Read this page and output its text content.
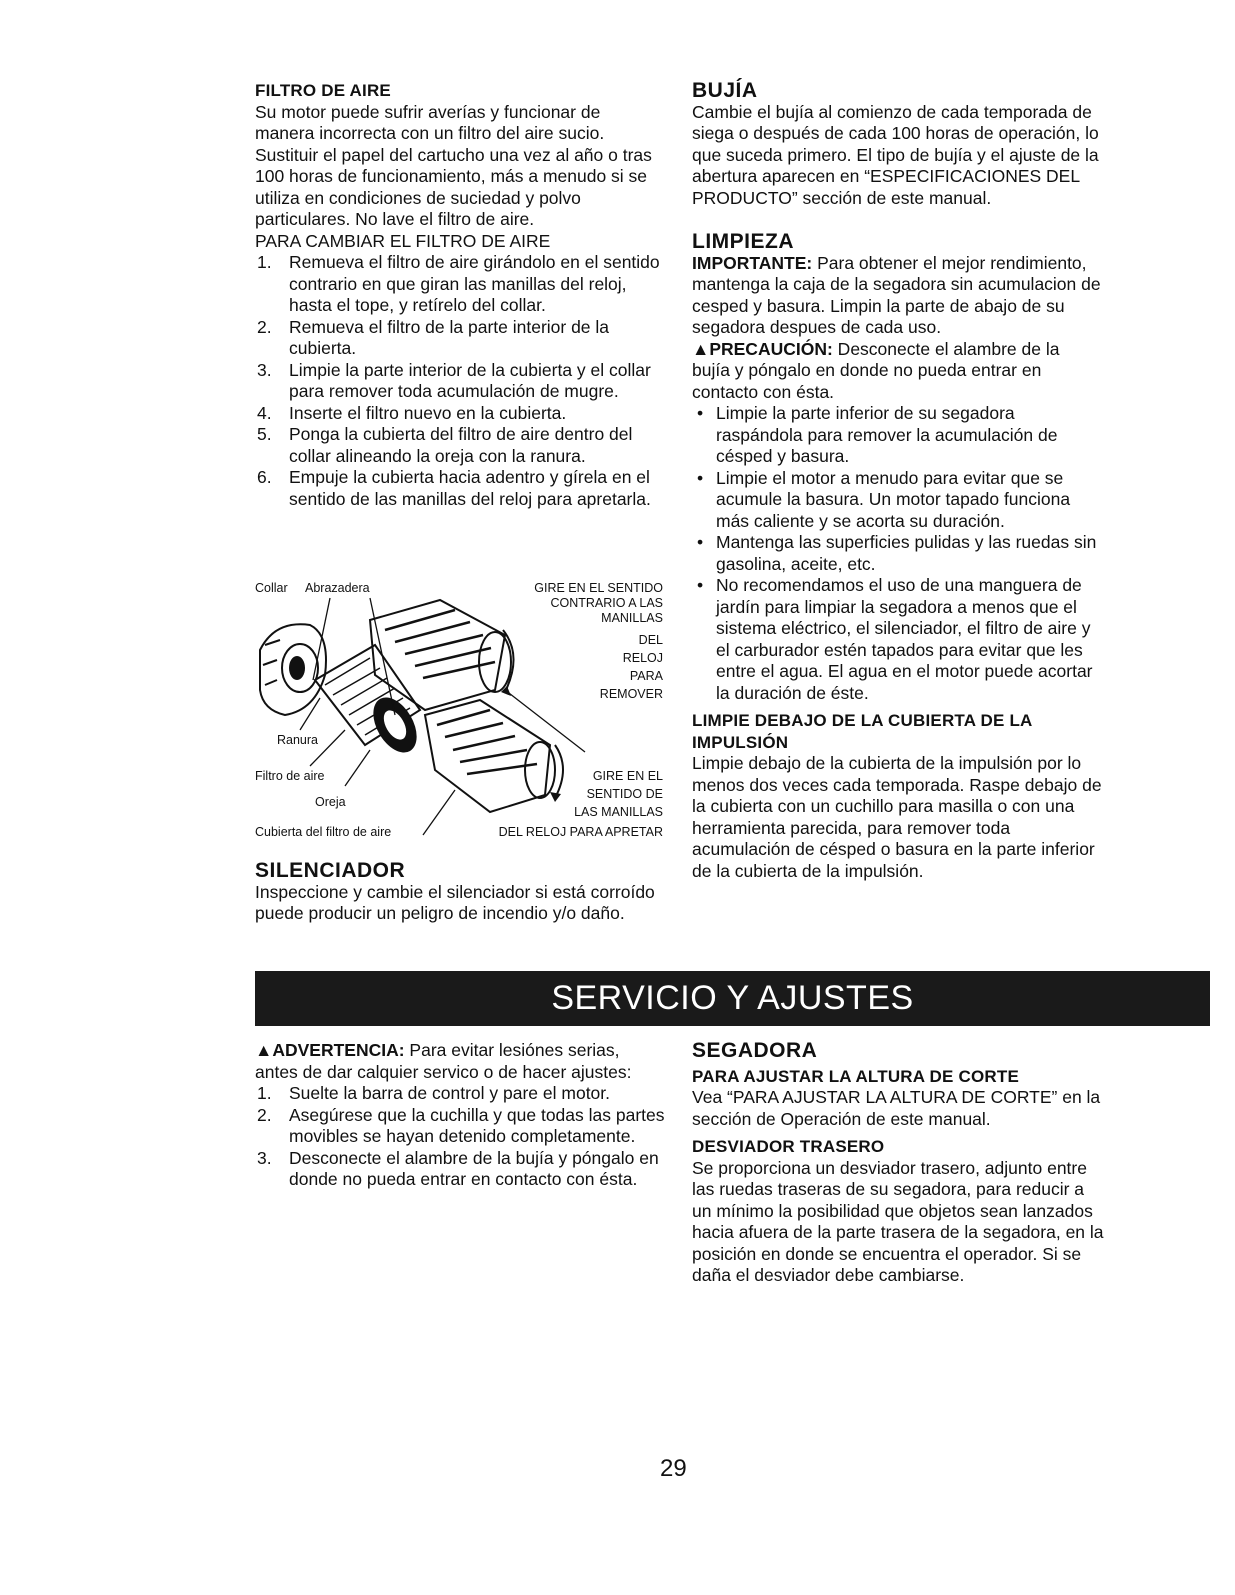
FILTRO DE AIRE

Su motor puede sufrir averías y funcionar de manera incorrecta con un filtro del aire sucio. Sustituir el papel del cartucho una vez al año o tras 100 horas de funcionamiento, más a menudo si se utiliza en condiciones de suciedad y polvo particulares. No lave el filtro de aire.

PARA CAMBIAR EL FILTRO DE AIRE
1. Remueva el filtro de aire girándolo en el sentido contrario en que giran las manillas del reloj, hasta el tope, y retírelo del collar.
2. Remueva el filtro de la parte interior de la cubierta.
3. Limpie la parte interior de la cubierta y el collar para remover toda acumulación de mugre.
4. Inserte el filtro nuevo en la cubierta.
5. Ponga la cubierta del filtro de aire dentro del collar alineando la oreja con la ranura.
6. Empuje la cubierta hacia adentro y gírela en el sentido de las manillas del reloj para apretarla.
Collar Abrazadera	GIRE EN EL SENTIDO
CONTRARIO A LAS
MANILLAS
DEL
RELOJ
PARA
REMOVER
Ranura
Filtro de aire
Oreja
GIRE EN EL
SENTIDO DE
LAS MANILLAS
Cubierta del filtro de aire	DEL RELOJ PARA APRETAR
SILENCIADOR

Inspeccione y cambie el silenciador si está corroído puede producir un peligro de incendio y/o daño.

BUJÍA

Cambie el bujía al comienzo de cada temporada de siega o después de cada 100 horas de operación, lo que suceda primero. El tipo de bujía y el ajuste de la abertura aparecen en “ESPECIFICACIONES DEL PRODUCTO” sección de este manual.

LIMPIEZA

IMPORTANTE: Para obtener el mejor rendimiento, mantenga la caja de la segadora sin acumulacion de cesped y basura. Limpin la parte de abajo de su segadora despues de cada uso.

▲PRECAUCIÓN: Desconecte el alambre de la bujía y póngalo en donde no pueda entrar en contacto con ésta.

• Limpie la parte inferior de su segadora raspándola para remover la acumulación de césped y basura.
• Limpie el motor a menudo para evitar que se acumule la basura. Un motor tapado funciona más caliente y se acorta su duración.
• Mantenga las superficies pulidas y las ruedas sin gasolina, aceite, etc.
• No recomendamos el uso de una manguera de jardín para limpiar la segadora a menos que el sistema eléctrico, el silenciador, el filtro de aire y el carburador estén tapados para evitar que les entre el agua. El agua en el motor puede acortar la duración de éste.
LIMPIE DEBAJO DE LA CUBIERTA DE LA IMPULSIÓN

Limpie debajo de la cubierta de la impulsión por lo menos dos veces cada temporada. Raspe debajo de la cubierta con un cuchillo para masilla o con una herramienta parecida, para remover toda acumulación de césped o basura en la parte inferior de la cubierta de la impulsión.

SERVICIO Y AJUSTES

▲ADVERTENCIA: Para evitar lesiónes serias, antes de dar calquier servico o de hacer ajustes:

1. Suelte la barra de control y pare el motor.
2. Asegúrese que la cuchilla y que todas las partes movibles se hayan detenido completamente.
3. Desconecte el alambre de la bujía y póngalo en donde no pueda entrar en contacto con ésta.
SEGADORA
PARA AJUSTAR LA ALTURA DE CORTE

Vea “PARA AJUSTAR LA ALTURA DE CORTE” en la sección de Operación de este manual.

DESVIADOR TRASERO

Se proporciona un desviador trasero, adjunto entre las ruedas traseras de su segadora, para reducir a un mínimo la posibilidad que objetos sean lanzados hacia afuera de la parte trasera de la segadora, en la posición en donde se encuentra el operador. Si se daña el desviador debe cambiarse.

29
